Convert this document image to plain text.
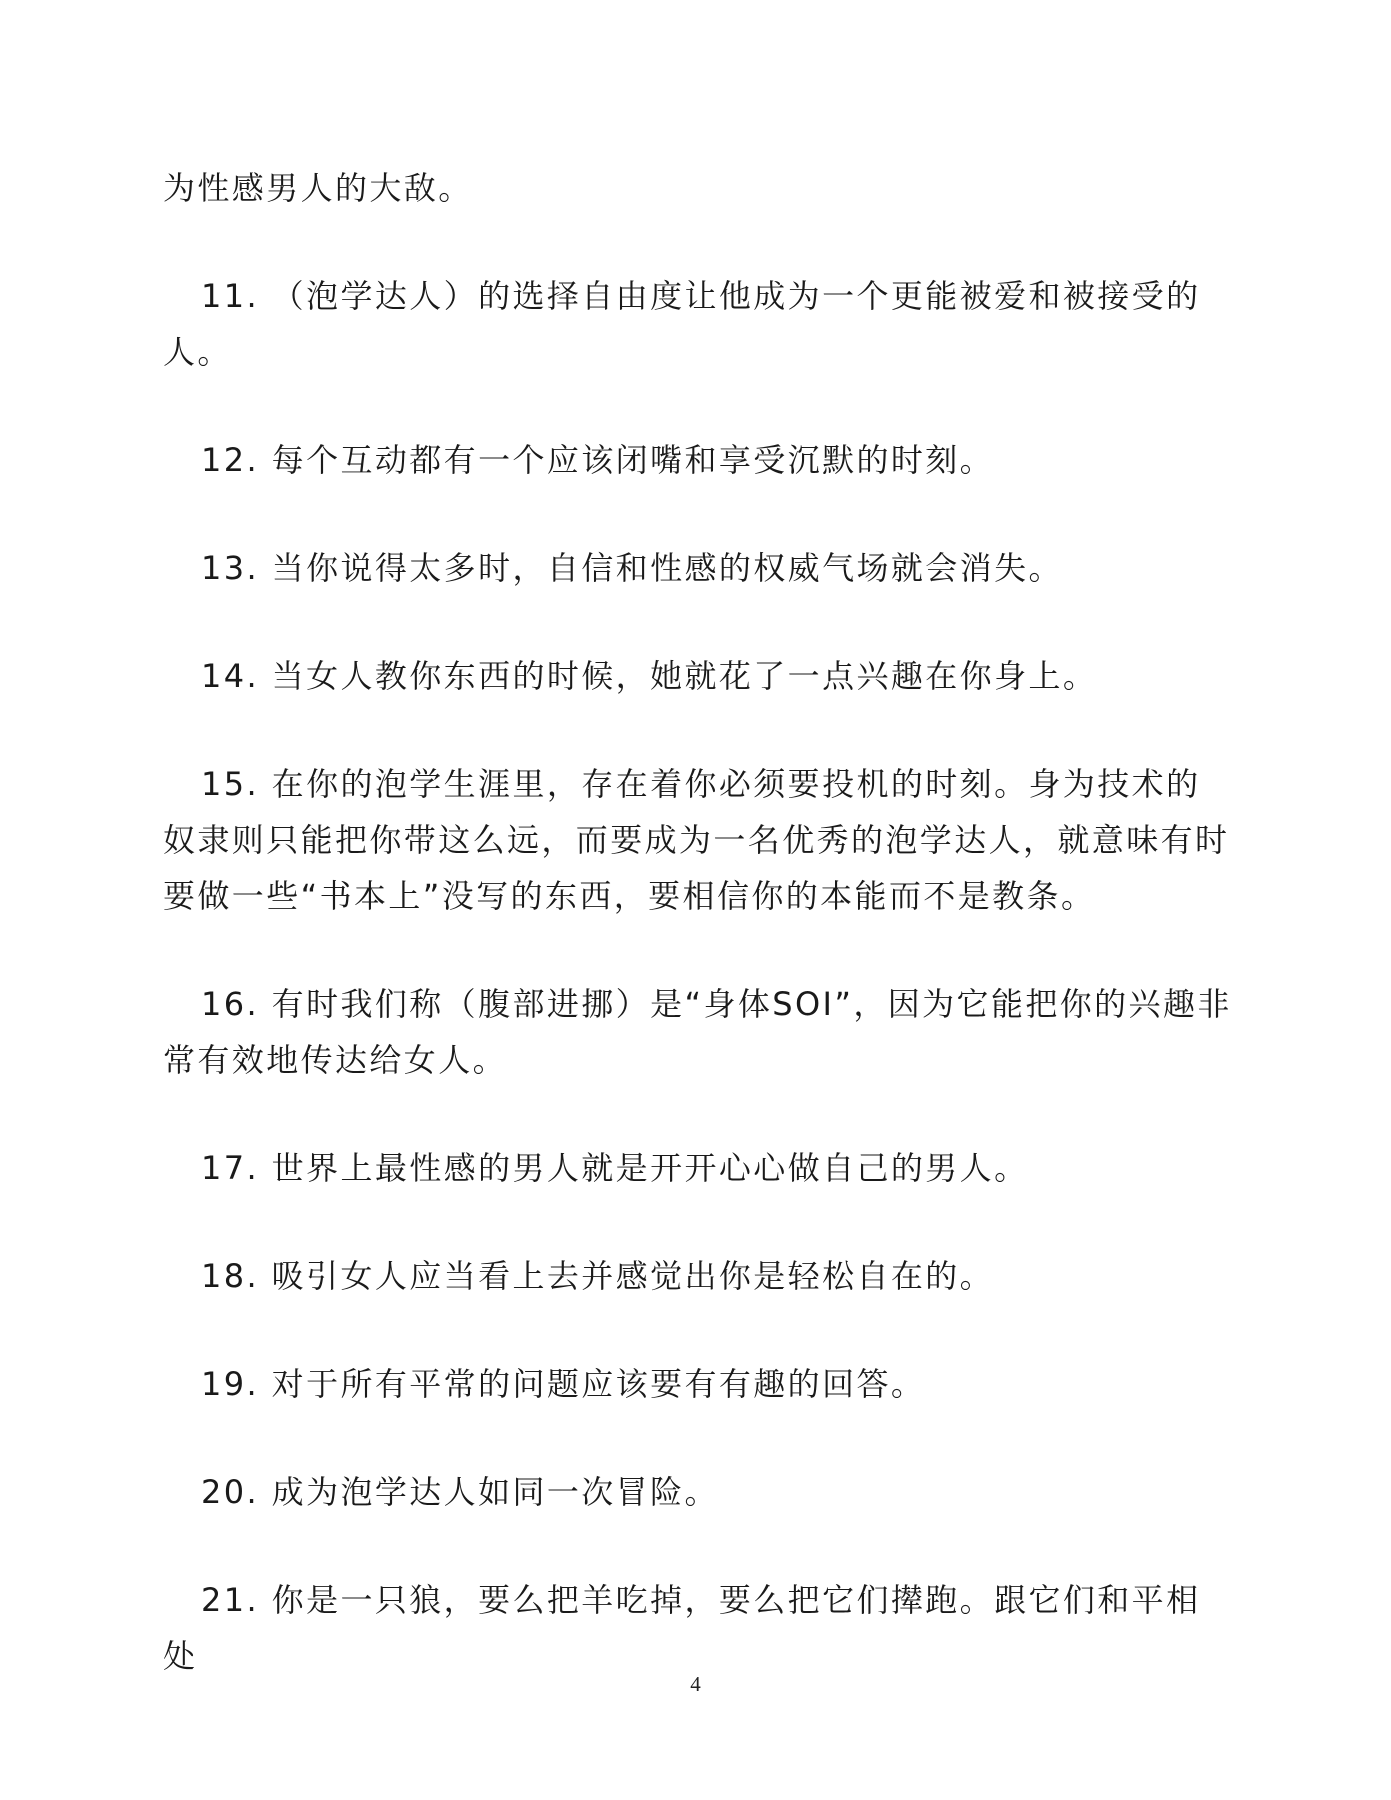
为性感男人的大敌。

11. （泡学达人）的选择自由度让他成为一个更能被爱和被接受的人。

12. 每个互动都有一个应该闭嘴和享受沉默的时刻。

13. 当你说得太多时，自信和性感的权威气场就会消失。

14. 当女人教你东西的时候，她就花了一点兴趣在你身上。

15. 在你的泡学生涯里，存在着你必须要投机的时刻。身为技术的奴隶则只能把你带这么远，而要成为一名优秀的泡学达人，就意味有时要做一些“书本上”没写的东西，要相信你的本能而不是教条。

16. 有时我们称（腹部进挪）是“身体SOI”，因为它能把你的兴趣非常有效地传达给女人。

17. 世界上最性感的男人就是开开心心做自己的男人。

18. 吸引女人应当看上去并感觉出你是轻松自在的。

19. 对于所有平常的问题应该要有有趣的回答。

20. 成为泡学达人如同一次冒险。

21. 你是一只狼，要么把羊吃掉，要么把它们撵跑。跟它们和平相处

4
